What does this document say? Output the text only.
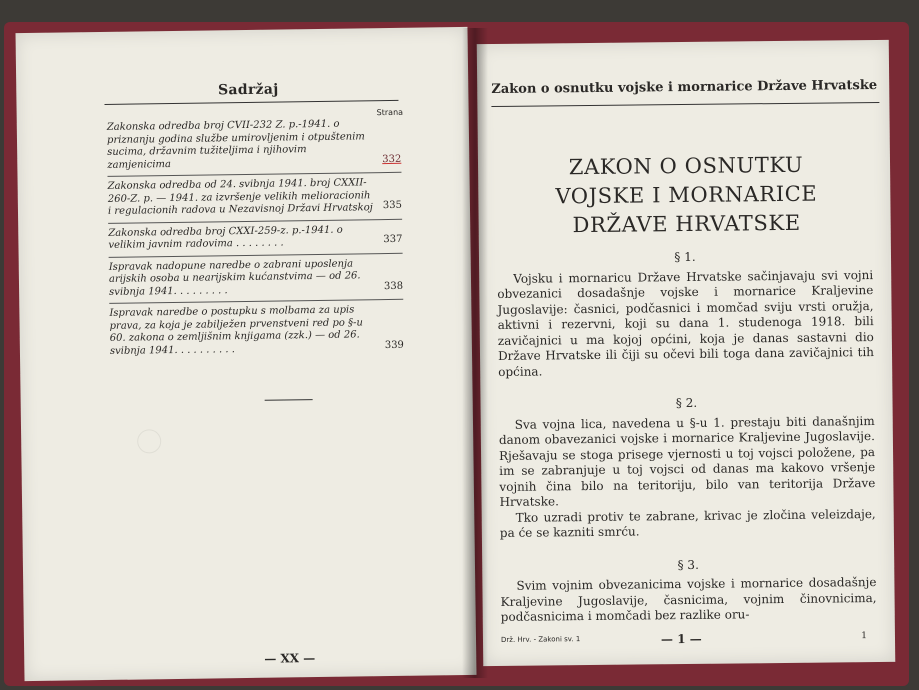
Sadržaj
Strana
Zakonska odredba broj CVII-232 Z. p.-1941. o priznanju godina službe umirovljenim i otpuštenim sucima, državnim tužiteljima i njihovim zamjenicima	332
Zakonska odredba od 24. svibnja 1941. broj CXXII-260-Z. p. — 1941. za izvršenje velikih melioracionih i regulacionih radova u Nezavisnoj Državi Hrvatskoj 335
Zakonska odredba broj CXXI-259-z. p.-1941. o velikim javnim radovima . . . . . . . .	337
Ispravak nadopune naredbe o zabrani uposlenja arijskih osoba u nearijskim kućanstvima — od 26. svibnja 1941. . . . . . . . .	338
Ispravak naredbe o postupku s molbama za upis prava, za koja je zabilježen prvenstveni red po §-u 60. zakona o zemljišnim knjigama (zzk.) — od 26. svibnja 1941. . . . . . . . . .	339
— XX —
Zakon o osnutku vojske i mornarice Države Hrvatske
ZAKON O OSNUTKU
VOJSKE I MORNARICE
DRŽAVE HRVATSKE
§ 1.

Vojsku i mornaricu Države Hrvatske sačinjavaju svi vojni obvezanici dosadašnje vojske i mornarice Kraljevine Jugoslavije: časnici, podčasnici i momčad sviju vrsti oružja, aktivni i rezervni, koji su dana 1. studenoga 1918. bili zavičajnici u ma kojoj općini, koja je danas sastavni dio Države Hrvatske ili čiji su očevi bili toga dana zavičajnici tih općina.

§ 2.

Sva vojna lica, navedena u §-u 1. prestaju biti današnjim danom obavezanici vojske i mornarice Kraljevine Jugoslavije. Rješavaju se stoga prisege vjernosti u toj vojsci položene, pa im se zabranjuje u toj vojsci od danas ma kakovo vršenje vojnih čina bilo na teritoriju, bilo van teritorija Države Hrvatske.

Tko uzradi protiv te zabrane, krivac je zločina veleizdaje, pa će se kazniti smrću.

§ 3.

Svim vojnim obvezanicima vojske i mornarice dosadašnje Kraljevine Jugoslavije, časnicima, vojnim činovnicima, podčasnicima i momčadi bez razlike oru-

Drž. Hrv. - Zakoni sv. 1	— 1 —	1
